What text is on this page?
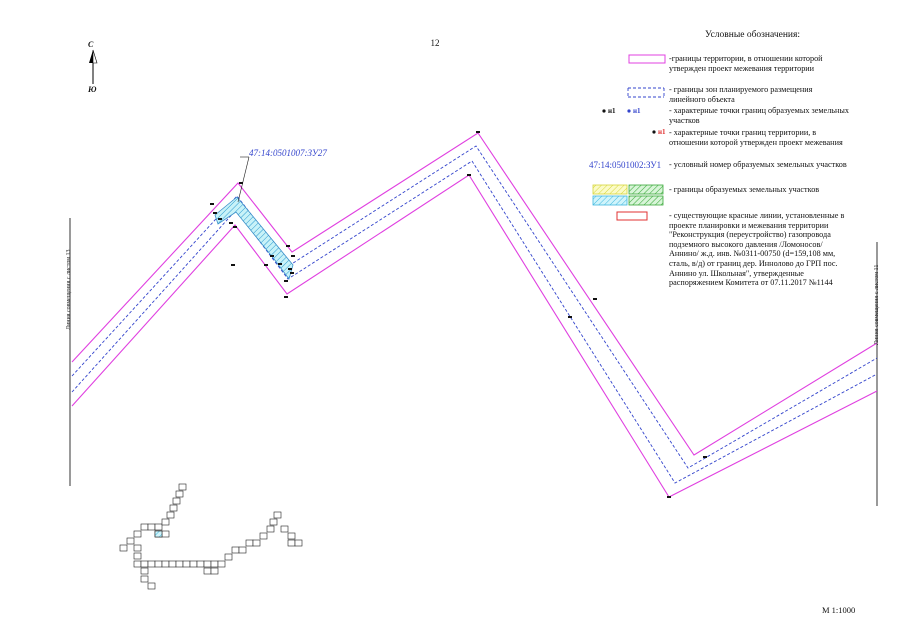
12
Условные обозначения:
С
Ю
47:14:0501007:ЗУ27
-границы территории, в отношении которой утвержден проект межевания территории
- границы зон планируемого размещения линейного объекта
н1 н1	- характерные точки границ образуемых земельных участков
н1 - характерные точки границ территории, в отношении которой утвержден проект межевания
47:14:0501002:ЗУ1 - условный номер образуемых земельных участков
- границы образуемых земельных участков
- существующие красные линии, установленные в проекте планировки и межевания территории "Реконструкция (переустройство) газопровода подземного высокого давления /Ломоносов/Аннино/ ж.д. инв. №0311-00750 (d=159,108 мм, сталь, в/д) от границ дер. Иннолово до ГРП пос. Аннино ул. Школьная", утвержденные распоряжением Комитета от 07.11.2017 №1144
Линия совмещения с листом 13	Линия совмещения с листом 11
М 1:1000
